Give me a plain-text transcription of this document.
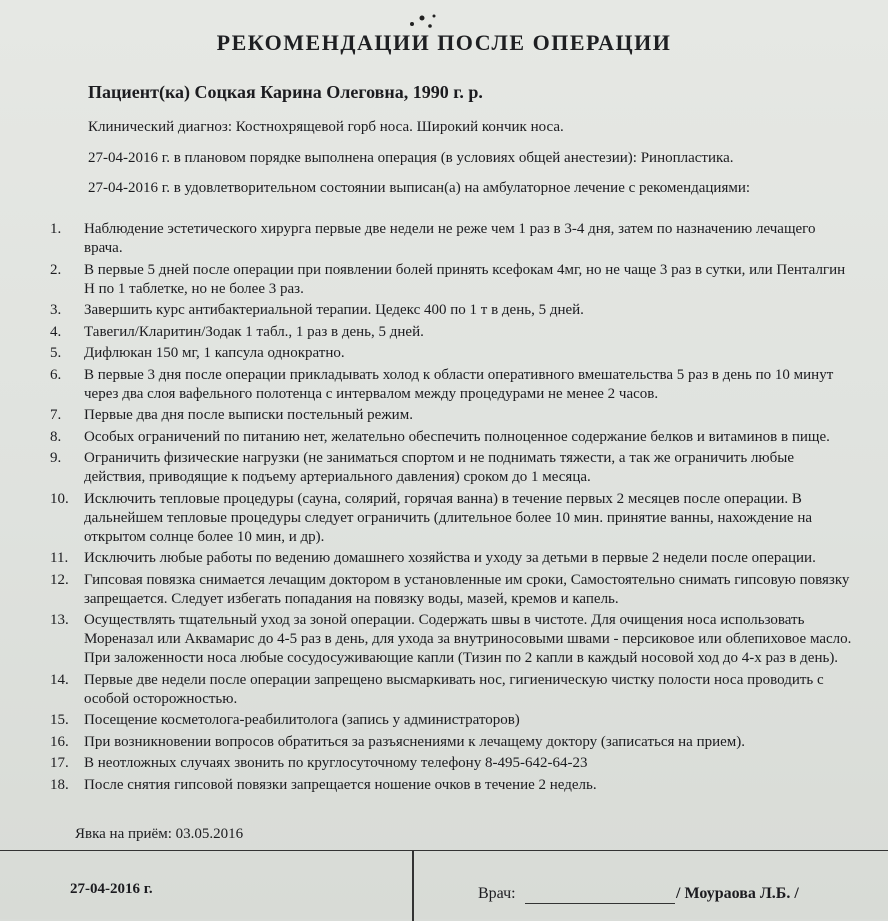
РЕКОМЕНДАЦИИ ПОСЛЕ ОПЕРАЦИИ
Пациент(ка) Соцкая Карина Олеговна, 1990 г. р.
Клинический диагноз: Костнохрящевой горб носа. Широкий кончик носа.
27-04-2016 г. в плановом порядке выполнена операция (в условиях общей анестезии): Ринопластика.
27-04-2016 г. в удовлетворительном состоянии выписан(а) на амбулаторное лечение с рекомендациями:
1.	Наблюдение эстетического хирурга первые две недели не реже чем 1 раз в 3-4 дня, затем по назначению лечащего врача.
2.	В первые 5 дней после операции при появлении болей принять ксефокам 4мг, но не чаще 3 раз в сутки, или Пенталгин Н по 1 таблетке, но не более 3 раз.
3.	Завершить курс антибактериальной терапии. Цедекс 400 по 1 т в день, 5 дней.
4.	Тавегил/Кларитин/Зодак 1 табл., 1 раз в день, 5 дней.
5.	Дифлюкан 150 мг, 1 капсула однократно.
6.	В первые 3 дня после операции прикладывать холод к области оперативного вмешательства 5 раз в день по 10 минут через два слоя вафельного полотенца с интервалом между процедурами не менее 2 часов.
7.	Первые два дня после выписки постельный режим.
8.	Особых ограничений по питанию нет, желательно обеспечить полноценное содержание белков и витаминов в пище.
9.	Ограничить физические нагрузки (не заниматься спортом и не поднимать тяжести, а так же ограничить любые действия, приводящие к подъему артериального давления) сроком до 1 месяца.
10.	Исключить тепловые процедуры (сауна, солярий, горячая ванна) в течение первых 2 месяцев после операции. В дальнейшем тепловые процедуры следует ограничить (длительное более 10 мин. принятие ванны, нахождение на открытом солнце более 10 мин, и др).
11.	Исключить любые работы по ведению домашнего хозяйства и уходу за детьми в первые 2 недели после операции.
12.	Гипсовая повязка снимается лечащим доктором в установленные им сроки, Самостоятельно снимать гипсовую повязку запрещается. Следует избегать попадания на повязку воды, мазей, кремов и капель.
13.	Осуществлять тщательный уход за зоной операции. Содержать швы в чистоте. Для очищения носа использовать Мореназал или Аквамарис до 4-5 раз в день, для ухода за внутриносовыми швами - персиковое или облепиховое масло. При заложенности носа любые сосудосуживающие капли (Тизин по 2 капли в каждый носовой ход до 4-х раз в день).
14.	Первые две недели после операции запрещено высмаркивать нос, гигиеническую чистку полости носа проводить с особой осторожностью.
15.	Посещение косметолога-реабилитолога (запись у администраторов)
16.	При возникновении вопросов обратиться за разъяснениями к лечащему доктору (записаться на прием).
17.	В неотложных случаях звонить по круглосуточному телефону 8-495-642-64-23
18.	После снятия гипсовой повязки запрещается ношение очков в течение 2 недель.
Явка на приём: 03.05.2016
27-04-2016 г.	Врач:	/ Моураова Л.Б. /
